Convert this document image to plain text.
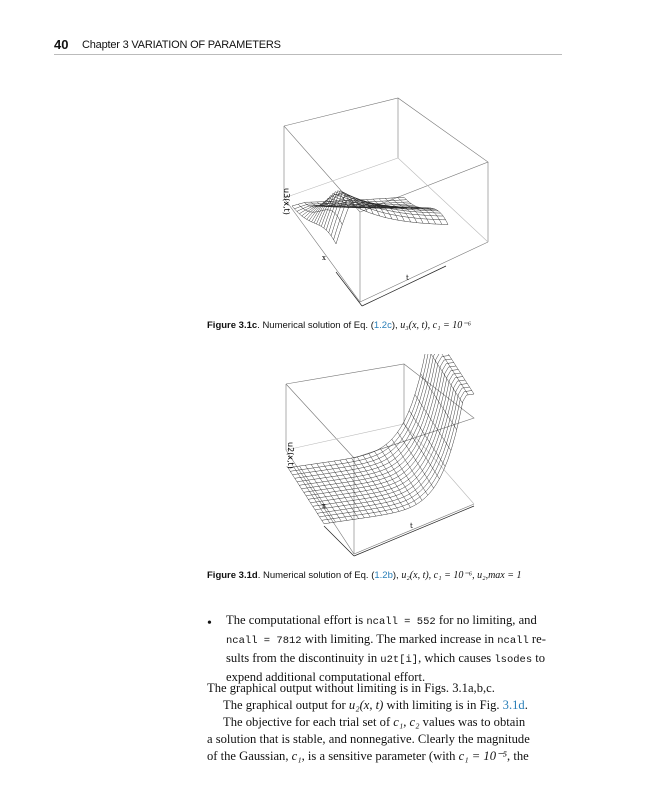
40 Chapter 3 VARIATION OF PARAMETERS
u3(x,t)
x
t
Figure 3.1c. Numerical solution of Eq. (1.2c), u₃(x, t), c₁ = 10⁻⁶
u2(x,t)
x
t
Figure 3.1d. Numerical solution of Eq. (1.2b), u₂(x, t), c₁ = 10⁻⁶, u₂,max = 1
• The computational effort is ncall = 552 for no limiting, and
ncall = 7812 with limiting. The marked increase in ncall re-
sults from the discontinuity in u2t[i], which causes lsodes to
expend additional computational effort.
The graphical output without limiting is in Figs. 3.1a,b,c.
The graphical output for u₂(x, t) with limiting is in Fig. 3.1d.
The objective for each trial set of c₁, c₂ values was to obtain
a solution that is stable, and nonnegative. Clearly the magnitude
of the Gaussian, c₁, is a sensitive parameter (with c₁ = 10⁻⁵, the
